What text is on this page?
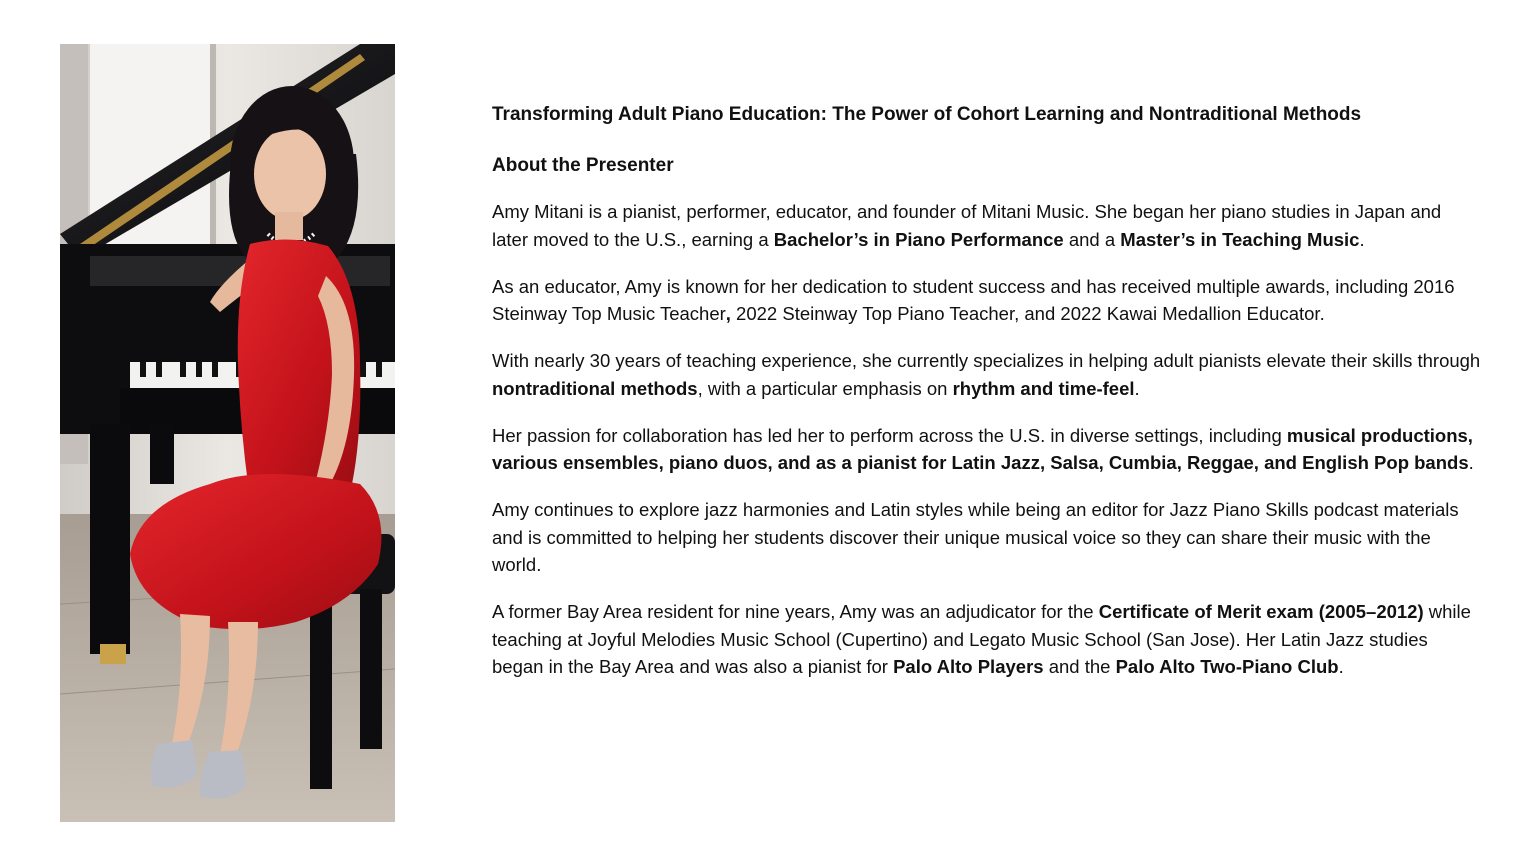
Transforming Adult Piano Education: The Power of Cohort Learning and Nontraditional Methods
About the Presenter

Amy Mitani is a pianist, performer, educator, and founder of Mitani Music. She began her piano studies in Japan and later moved to the U.S., earning a Bachelor’s in Piano Performance and a Master’s in Teaching Music.

As an educator, Amy is known for her dedication to student success and has received multiple awards, including 2016 Steinway Top Music Teacher, 2022 Steinway Top Piano Teacher, and 2022 Kawai Medallion Educator.

With nearly 30 years of teaching experience, she currently specializes in helping adult pianists elevate their skills through nontraditional methods, with a particular emphasis on rhythm and time-feel.

Her passion for collaboration has led her to perform across the U.S. in diverse settings, including musical productions, various ensembles, piano duos, and as a pianist for Latin Jazz, Salsa, Cumbia, Reggae, and English Pop bands.

Amy continues to explore jazz harmonies and Latin styles while being an editor for Jazz Piano Skills podcast materials and is committed to helping her students discover their unique musical voice so they can share their music with the world.

A former Bay Area resident for nine years, Amy was an adjudicator for the Certificate of Merit exam (2005–2012) while teaching at Joyful Melodies Music School (Cupertino) and Legato Music School (San Jose). Her Latin Jazz studies began in the Bay Area and was also a pianist for Palo Alto Players and the Palo Alto Two-Piano Club.
